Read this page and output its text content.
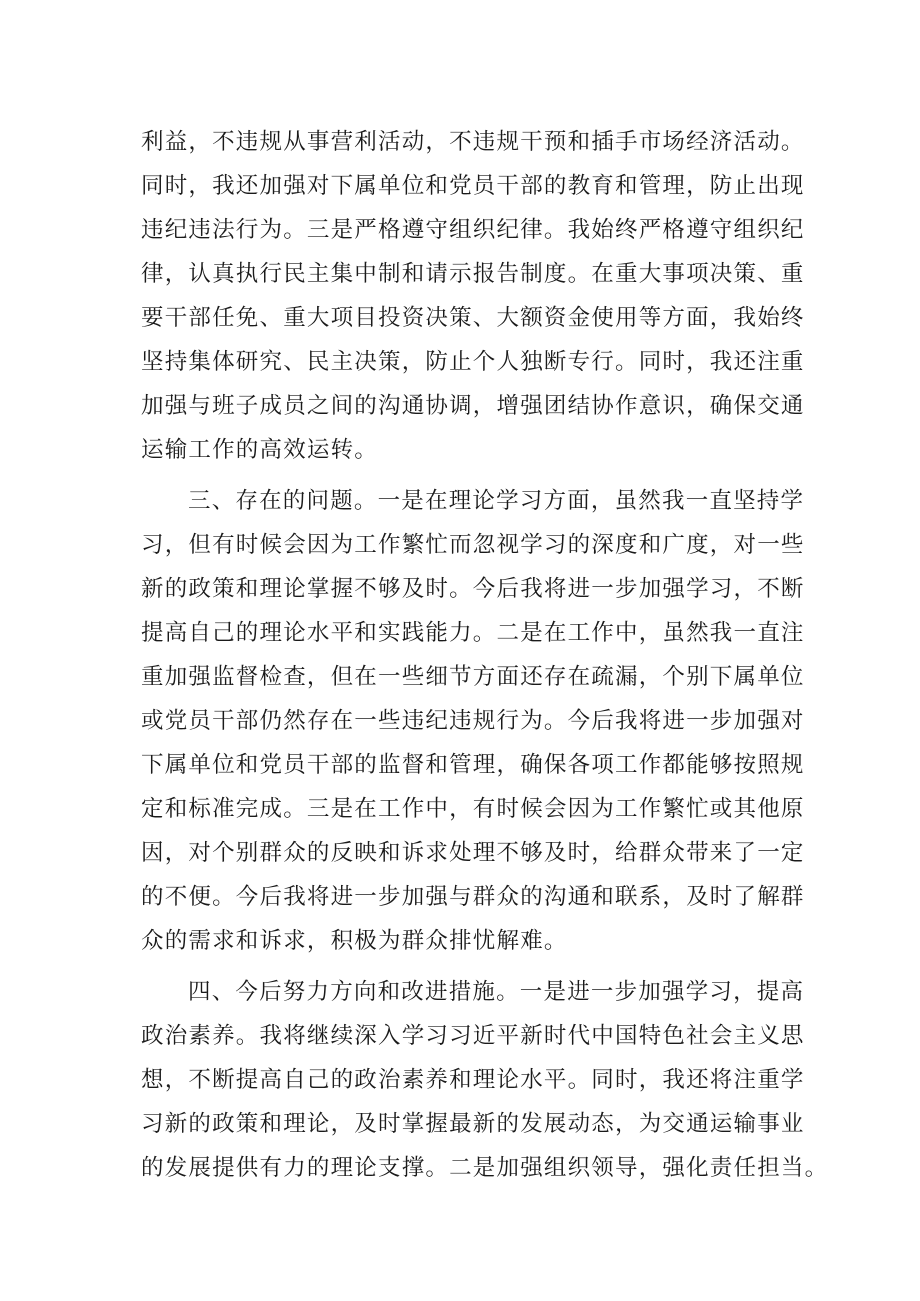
利益，不违规从事营利活动，不违规干预和插手市场经济活动。
同时，我还加强对下属单位和党员干部的教育和管理，防止出现
违纪违法行为。三是严格遵守组织纪律。我始终严格遵守组织纪
律，认真执行民主集中制和请示报告制度。在重大事项决策、重
要干部任免、重大项目投资决策、大额资金使用等方面，我始终
坚持集体研究、民主决策，防止个人独断专行。同时，我还注重
加强与班子成员之间的沟通协调，增强团结协作意识，确保交通
运输工作的高效运转。
三、存在的问题。一是在理论学习方面，虽然我一直坚持学
习，但有时候会因为工作繁忙而忽视学习的深度和广度，对一些
新的政策和理论掌握不够及时。今后我将进一步加强学习，不断
提高自己的理论水平和实践能力。二是在工作中，虽然我一直注
重加强监督检查，但在一些细节方面还存在疏漏，个别下属单位
或党员干部仍然存在一些违纪违规行为。今后我将进一步加强对
下属单位和党员干部的监督和管理，确保各项工作都能够按照规
定和标准完成。三是在工作中，有时候会因为工作繁忙或其他原
因，对个别群众的反映和诉求处理不够及时，给群众带来了一定
的不便。今后我将进一步加强与群众的沟通和联系，及时了解群
众的需求和诉求，积极为群众排忧解难。
四、今后努力方向和改进措施。一是进一步加强学习，提高
政治素养。我将继续深入学习习近平新时代中国特色社会主义思
想，不断提高自己的政治素养和理论水平。同时，我还将注重学
习新的政策和理论，及时掌握最新的发展动态，为交通运输事业
的发展提供有力的理论支撑。二是加强组织领导，强化责任担当。
